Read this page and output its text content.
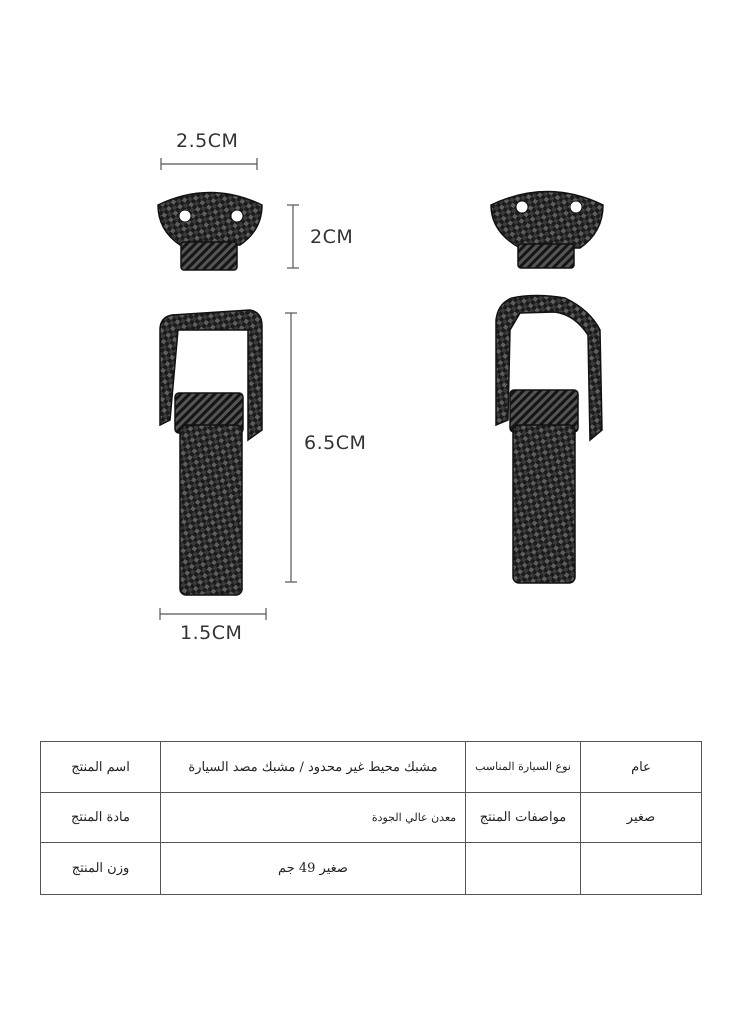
2.5CM
2CM
6.5CM
1.5CM
اسم المنتج	مشبك محيط غير محدود / مشبك مصد السيارة	نوع السيارة المناسب	عام
مادة المنتج	معدن عالي الجودة	مواصفات المنتج	صغير
وزن المنتج	صغير 49 جم		
